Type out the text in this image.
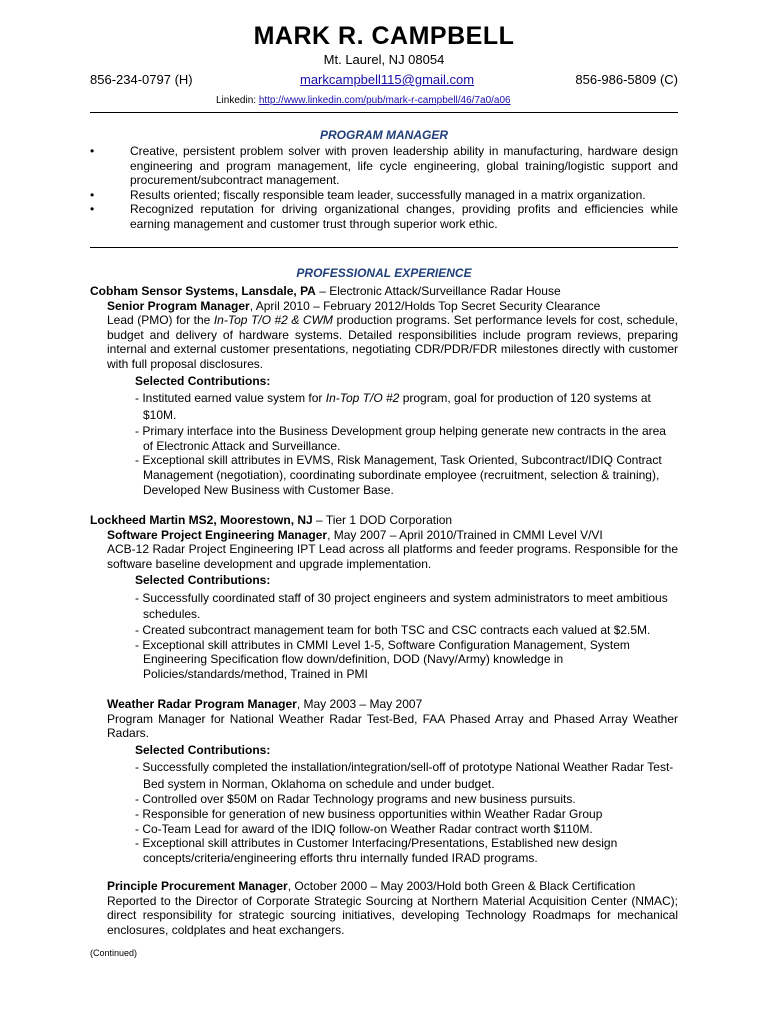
MARK R. CAMPBELL
Mt. Laurel, NJ 08054
856-234-0797 (H)	markcampbell115@gmail.com	856-986-5809 (C)
Linkedin: http://www.linkedin.com/pub/mark-r-campbell/46/7a0/a06
PROGRAM MANAGER
•	Creative, persistent problem solver with proven leadership ability in manufacturing, hardware design engineering and program management, life cycle engineering, global training/logistic support and procurement/subcontract management.
•	Results oriented; fiscally responsible team leader, successfully managed in a matrix organization.
•	Recognized reputation for driving organizational changes, providing profits and efficiencies while earning management and customer trust through superior work ethic.
PROFESSIONAL EXPERIENCE
Cobham Sensor Systems, Lansdale, PA – Electronic Attack/Surveillance Radar House
Senior Program Manager, April 2010 – February 2012/Holds Top Secret Security Clearance
Lead (PMO) for the In-Top T/O #2 & CWM production programs. Set performance levels for cost, schedule, budget and delivery of hardware systems. Detailed responsibilities include program reviews, preparing internal and external customer presentations, negotiating CDR/PDR/FDR milestones directly with customer with full proposal disclosures.
Selected Contributions:
- Instituted earned value system for In-Top T/O #2 program, goal for production of 120 systems at $10M.
- Primary interface into the Business Development group helping generate new contracts in the area of Electronic Attack and Surveillance.
- Exceptional skill attributes in EVMS, Risk Management, Task Oriented, Subcontract/IDIQ Contract Management (negotiation), coordinating subordinate employee (recruitment, selection & training), Developed New Business with Customer Base.
Lockheed Martin MS2, Moorestown, NJ – Tier 1 DOD Corporation
Software Project Engineering Manager, May 2007 – April 2010/Trained in CMMI Level V/VI
ACB-12 Radar Project Engineering IPT Lead across all platforms and feeder programs. Responsible for the software baseline development and upgrade implementation.
Selected Contributions:
- Successfully coordinated staff of 30 project engineers and system administrators to meet ambitious schedules.
- Created subcontract management team for both TSC and CSC contracts each valued at $2.5M.
- Exceptional skill attributes in CMMI Level 1-5, Software Configuration Management, System Engineering Specification flow down/definition, DOD (Navy/Army) knowledge in Policies/standards/method, Trained in PMI
Weather Radar Program Manager, May 2003 – May 2007
Program Manager for National Weather Radar Test-Bed, FAA Phased Array and Phased Array Weather Radars.
Selected Contributions:
- Successfully completed the installation/integration/sell-off of prototype National Weather Radar Test-Bed system in Norman, Oklahoma on schedule and under budget.
- Controlled over $50M on Radar Technology programs and new business pursuits.
- Responsible for generation of new business opportunities within Weather Radar Group
- Co-Team Lead for award of the IDIQ follow-on Weather Radar contract worth $110M.
- Exceptional skill attributes in Customer Interfacing/Presentations, Established new design concepts/criteria/engineering efforts thru internally funded IRAD programs.
Principle Procurement Manager, October 2000 – May 2003/Hold both Green & Black Certification
Reported to the Director of Corporate Strategic Sourcing at Northern Material Acquisition Center (NMAC); direct responsibility for strategic sourcing initiatives, developing Technology Roadmaps for mechanical enclosures, coldplates and heat exchangers.
(Continued)
